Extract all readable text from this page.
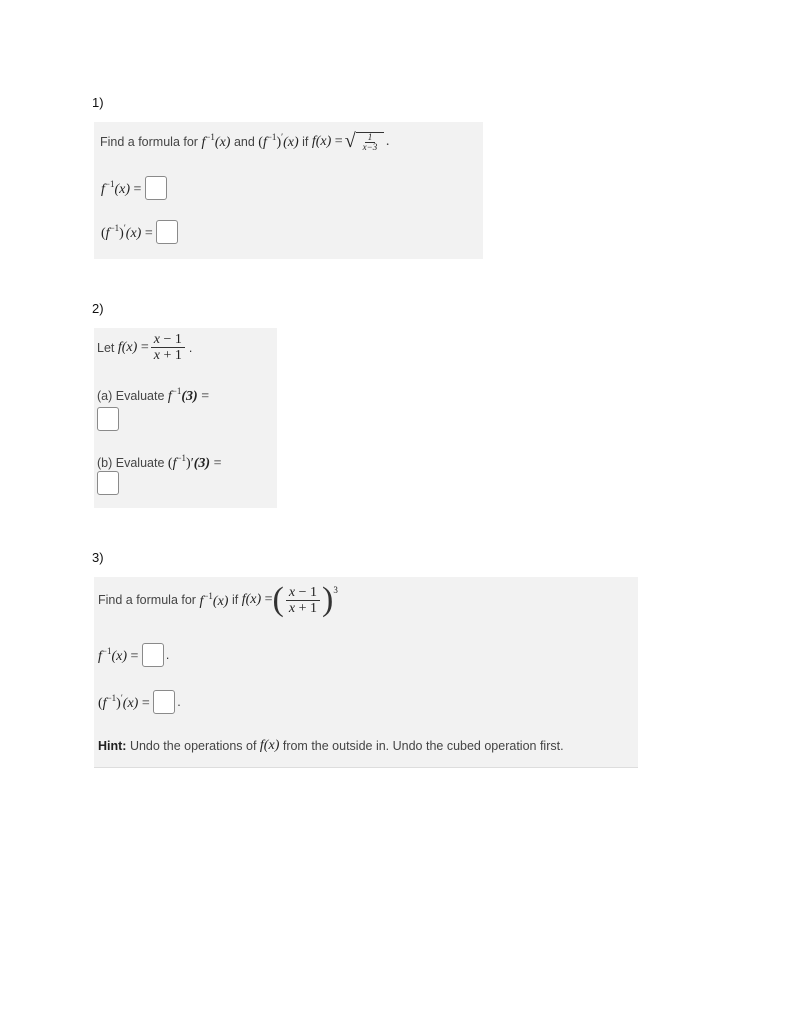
1)
Find a formula for
$f^{-1}(x)$
and
$(f^{-1})'(x)$
if
f(x) = √ $\frac{1}{x-3}$ .
$f^{-1}(x)$ =

$(f^{-1})'(x)$ =

2)
Let
$f(x) = \frac{x - 1}{x + 1}$ .
(a) Evaluate
$f^{-1}(3)$ =
(b) Evaluate
$(f^{-1})'(3)$ =
3)
Find a formula for
$f^{-1}(x)$
if
f(x) = ( $\frac{x - 1}{x + 1}$ ) 3
$f^{-1}(x)$ =
.
$(f^{-1})'(x)$ =
.
Hint:
Undo the operations of
f(x)
from the outside in. Undo the cubed operation first.
